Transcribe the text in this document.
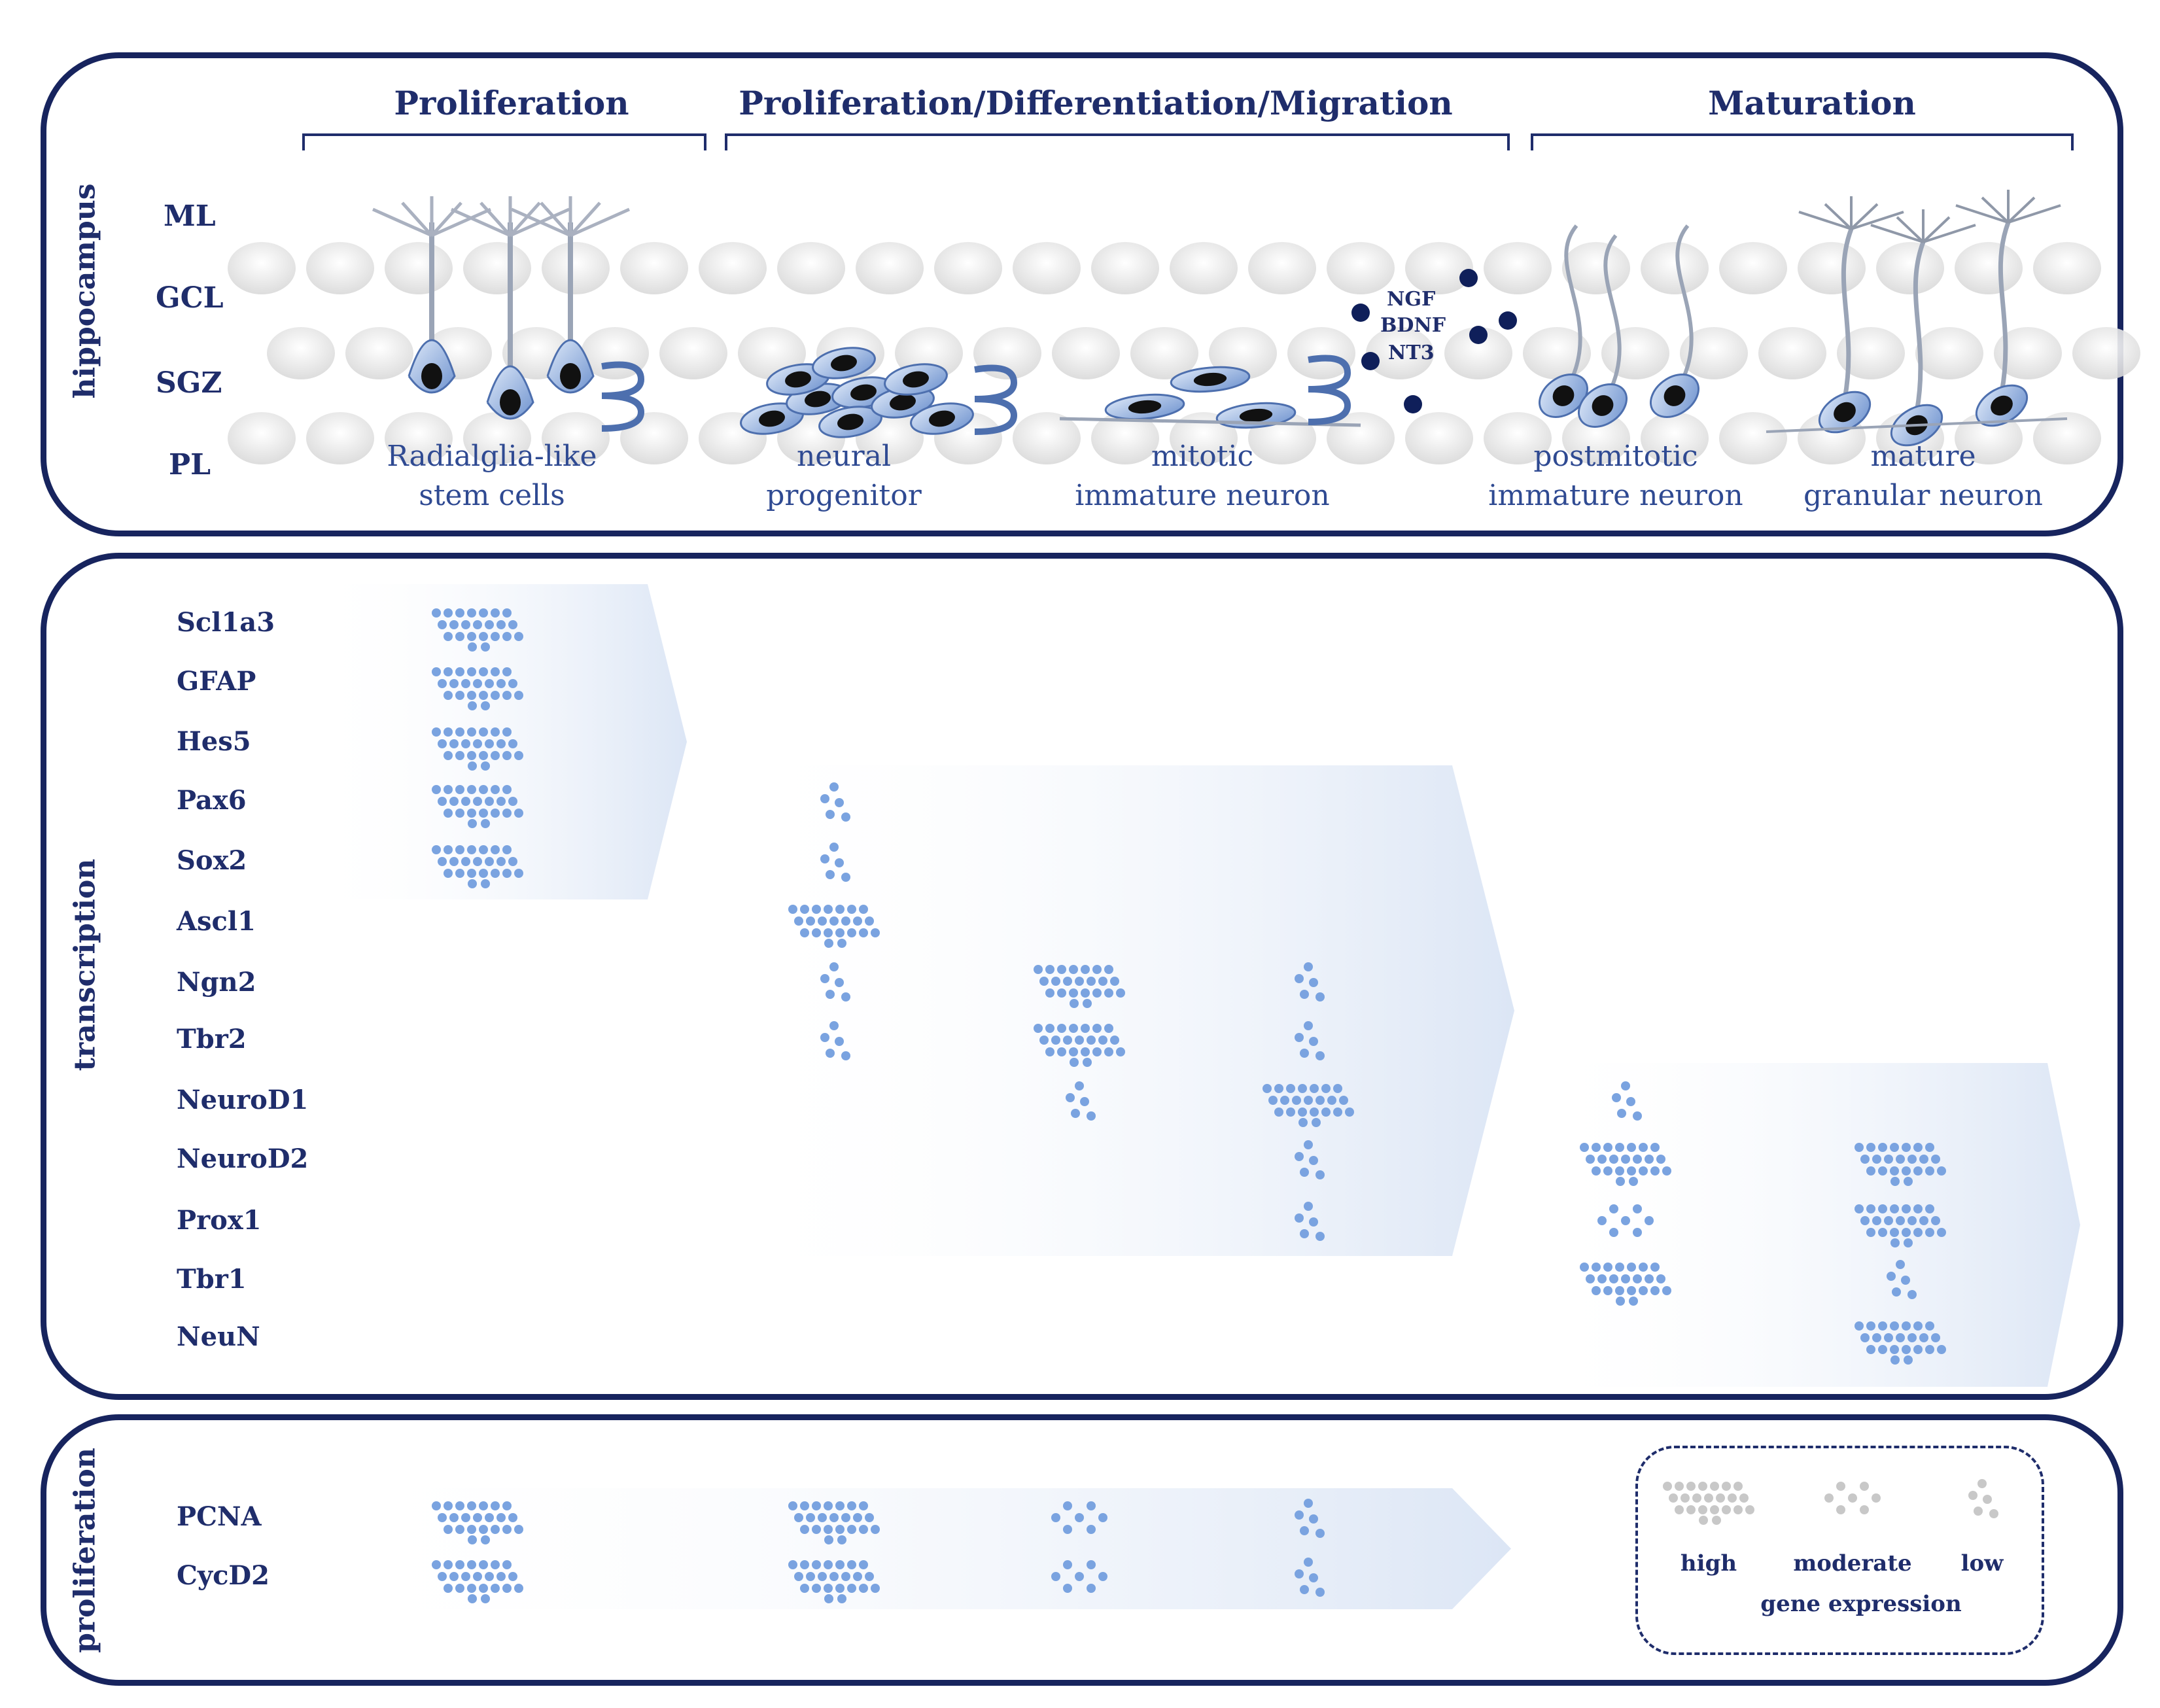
hippocampus
transcription
proliferation
Proliferation	Proliferation/Differentiation/Migration	Maturation
ML
GCL
SGZ
PL	Radialglia-like
stem cells
neural
progenitor
mitotic
immature neuron
postmitotic
immature neuron
mature
granular neuron
NGF
BDNF
NT3
Scl1a3
GFAP
Hes5
Pax6
Sox2
Ascl1
Ngn2
Tbr2
NeuroD1
NeuroD2
Prox1
Tbr1
NeuN
PCNA
CycD2	high	moderate low
gene expression
